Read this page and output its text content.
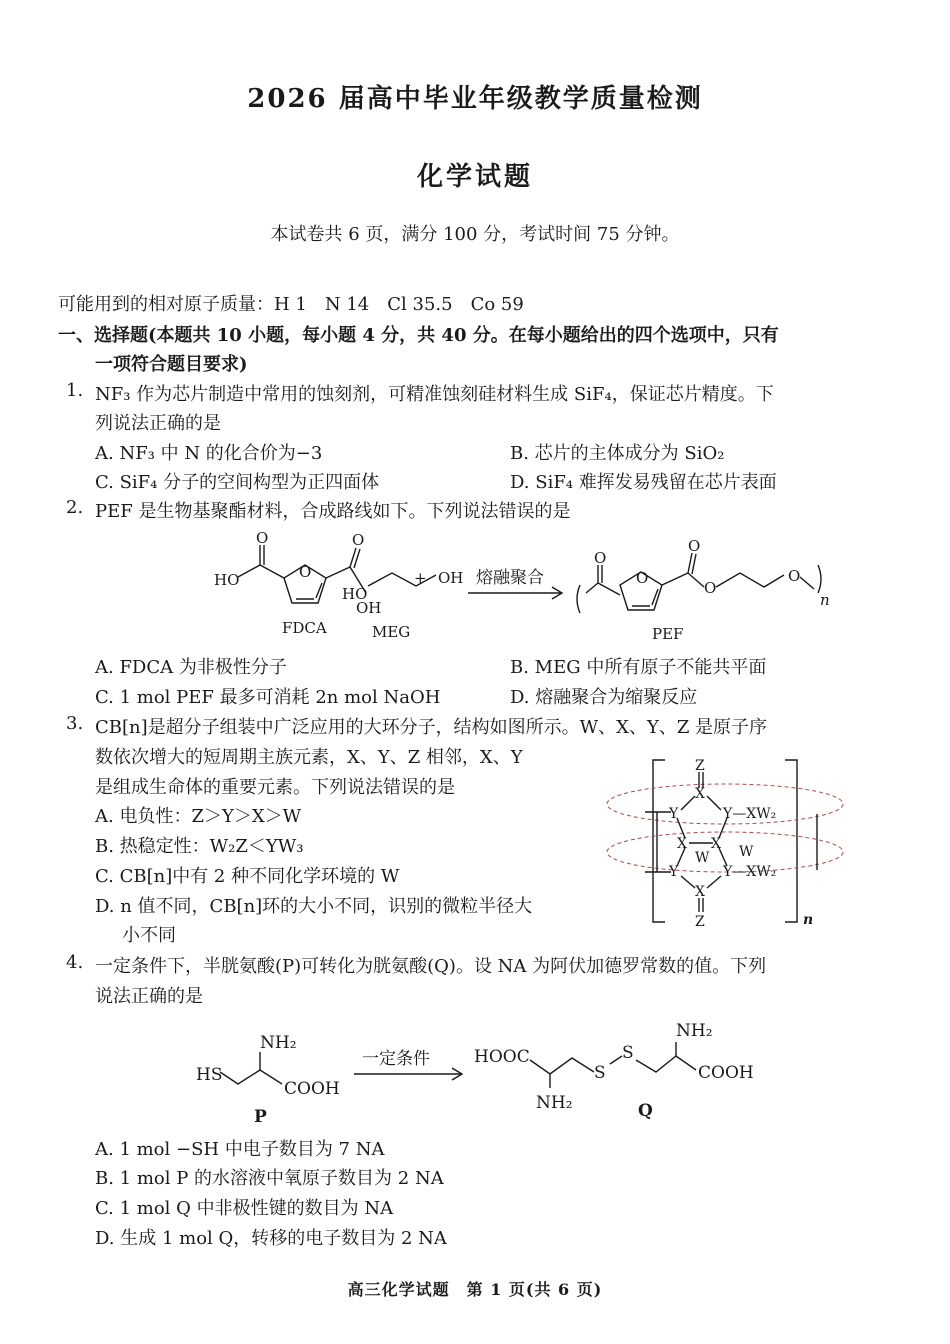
2026 届高中毕业年级教学质量检测
化学试题
本试卷共 6 页，满分 100 分，考试时间 75 分钟。
可能用到的相对原子质量：H 1　N 14　Cl 35.5　Co 59
一、选择题(本题共 10 小题，每小题 4 分，共 40 分。在每小题给出的四个选项中，只有
一项符合题目要求)
1. NF₃ 作为芯片制造中常用的蚀刻剂，可精准蚀刻硅材料生成 SiF₄，保证芯片精度。下
列说法正确的是
A. NF₃ 中 N 的化合价为−3	B. 芯片的主体成分为 SiO₂
C. SiF₄ 分子的空间构型为正四面体	D. SiF₄ 难挥发易残留在芯片表面
2. PEF 是生物基聚酯材料，合成路线如下。下列说法错误的是
HO
OH
O	O
O
FDCA
+
HO
OH
MEG
熔融聚合
O
O
O
O
O
PEF
n
A. FDCA 为非极性分子	B. MEG 中所有原子不能共平面
C. 1 mol PEF 最多可消耗 2n mol NaOH	D. 熔融聚合为缩聚反应
3. CB[n]是超分子组装中广泛应用的大环分子，结构如图所示。W、X、Y、Z 是原子序
数依次增大的短周期主族元素，X、Y、Z 相邻，X、Y
是组成生命体的重要元素。下列说法错误的是
A. 电负性：Z＞Y＞X＞W
B. 热稳定性：W₂Z＜YW₃
C. CB[n]中有 2 种不同化学环境的 W
D. n 值不同，CB[n]环的大小不同，识别的微粒半径大
小不同
Z
X
Y	Y—XW₂
X X
W W
Y	Y—XW₂
X
Z	n
4. 一定条件下，半胱氨酸(P)可转化为胱氨酸(Q)。设 NA 为阿伏加德罗常数的值。下列
说法正确的是
NH₂
HS
COOH
P
一定条件	HOOC
NH₂
S
S
NH₂
COOH
Q
A. 1 mol −SH 中电子数目为 7 NA
B. 1 mol P 的水溶液中氧原子数目为 2 NA
C. 1 mol Q 中非极性键的数目为 NA
D. 生成 1 mol Q，转移的电子数目为 2 NA
高三化学试题　第 1 页(共 6 页)
